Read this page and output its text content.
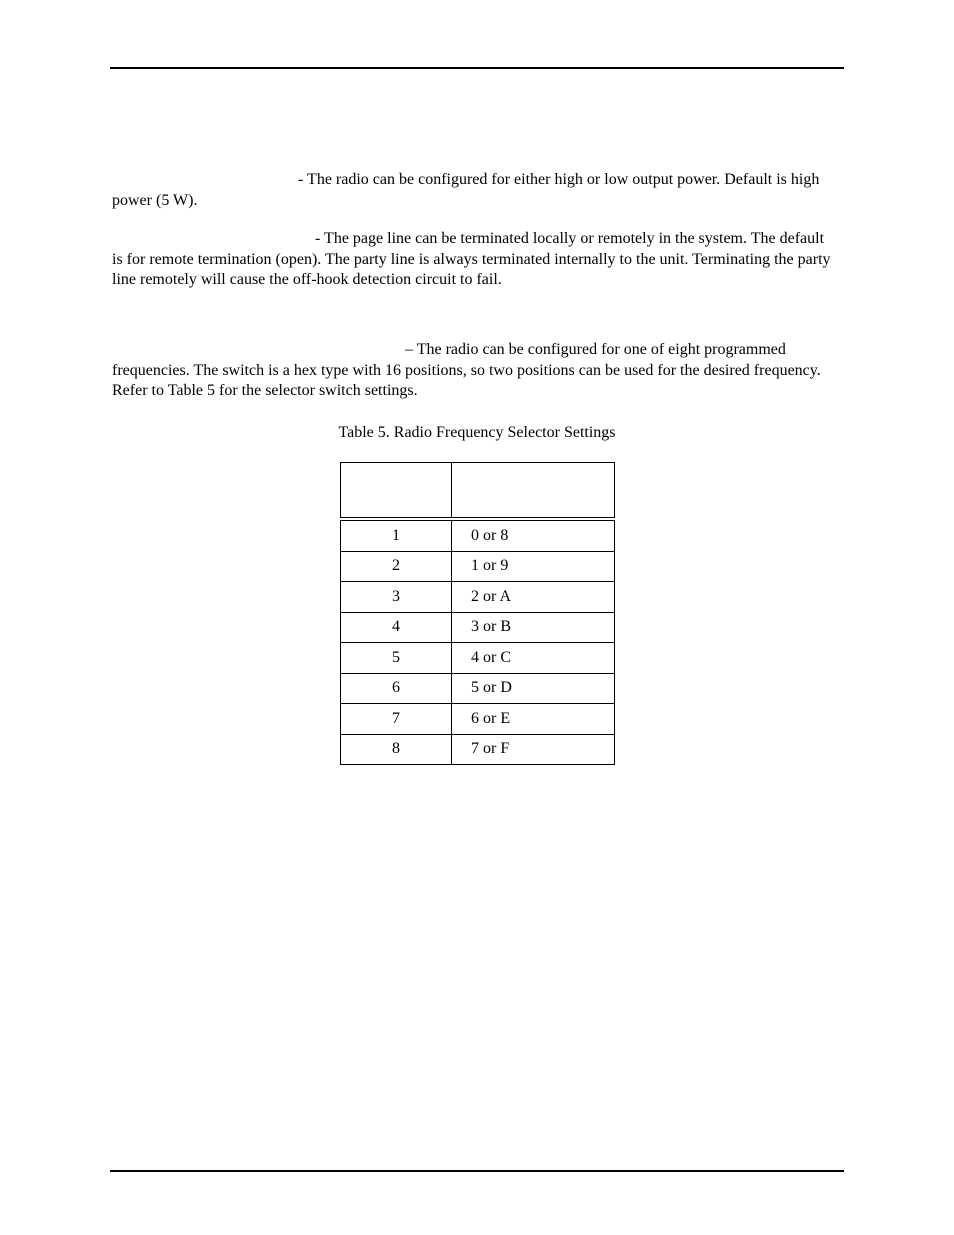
- The radio can be configured for either high or low output power. Default is high power (5 W).

- The page line can be terminated locally or remotely in the system. The default is for remote termination (open). The party line is always terminated internally to the unit. Terminating the party line remotely will cause the off-hook detection circuit to fail.

– The radio can be configured for one of eight programmed frequencies. The switch is a hex type with 16 positions, so two positions can be used for the desired frequency. Refer to Table 5 for the selector switch settings.

Table 5. Radio Frequency Selector Settings

1	0 or 8
2	1 or 9
3	2 or A
4	3 or B
5	4 or C
6	5 or D
7	6 or E
8	7 or F
